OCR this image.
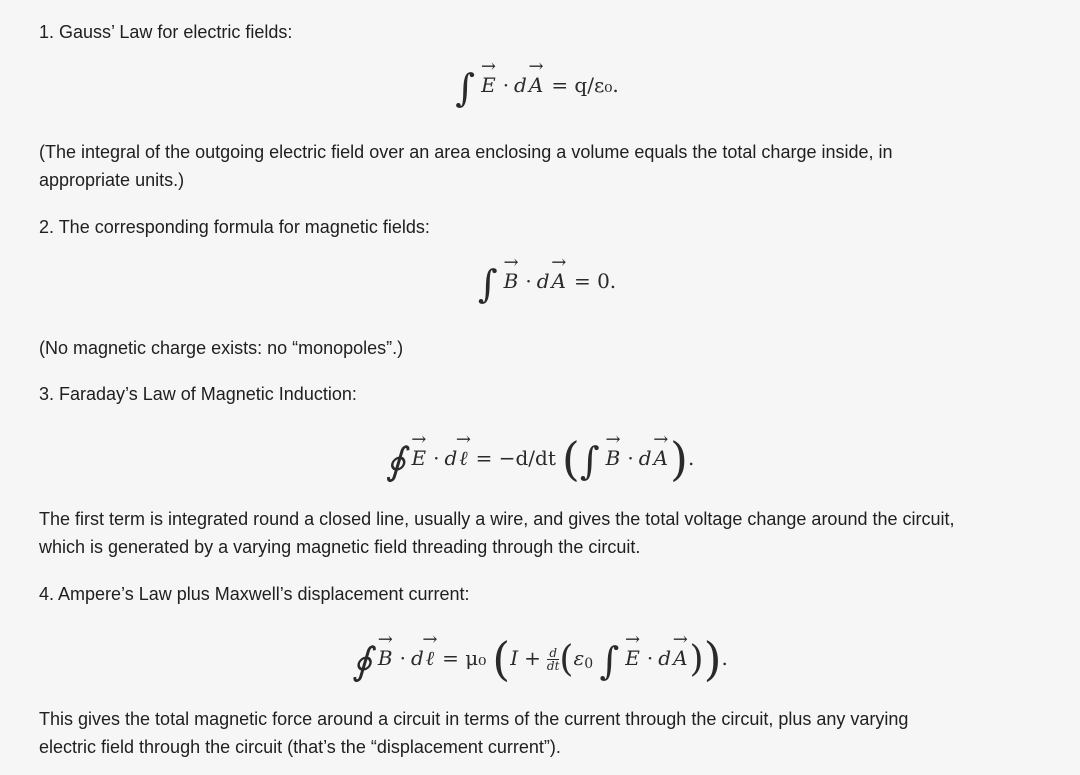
1. Gauss’ Law for electric fields:

∫ → E · d → A = q/ε₀.

(The integral of the outgoing electric field over an area enclosing a volume equals the total charge inside, in appropriate units.)

2. The corresponding formula for magnetic fields:

∫ → B · d → A = 0.

(No magnetic charge exists: no “monopoles”.)

3. Faraday’s Law of Magnetic Induction:

∮ → E · d → ℓ = −d/dt (∫ → B · d → A).

The first term is integrated round a closed line, usually a wire, and gives the total voltage change around the circuit, which is generated by a varying magnetic field threading through the circuit.

4. Ampere’s Law plus Maxwell’s displacement current:

∮ → B · d → ℓ = μ₀ ($I + \frac{d}{dt} (\varepsilon 0$ ∫ → E · d → A)).

This gives the total magnetic force around a circuit in terms of the current through the circuit, plus any varying electric field through the circuit (that’s the “displacement current”).
